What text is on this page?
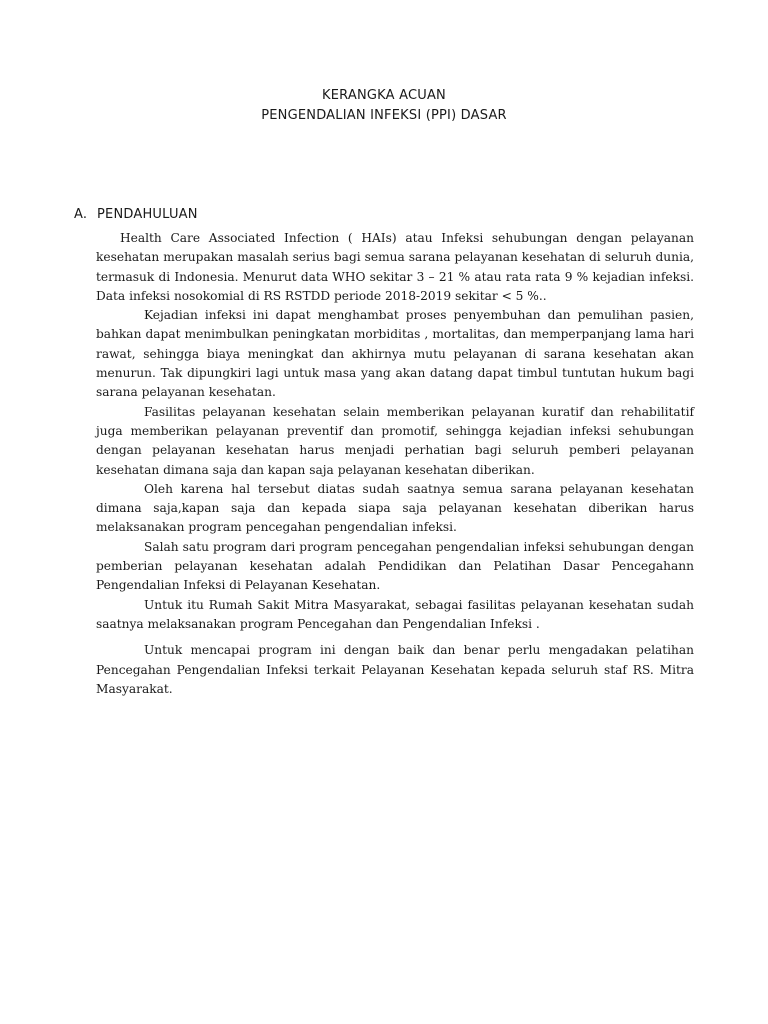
KERANGKA ACUAN
PENGENDALIAN INFEKSI (PPI) DASAR
A. PENDAHULUAN

Health Care Associated Infection ( HAIs) atau Infeksi sehubungan dengan pelayanan kesehatan merupakan masalah serius bagi semua sarana pelayanan kesehatan di seluruh dunia, termasuk di Indonesia. Menurut data WHO sekitar 3 – 21 % atau rata rata 9 % kejadian infeksi. Data infeksi nosokomial di RS RSTDD periode 2018-2019 sekitar < 5 %..

Kejadian infeksi ini dapat menghambat proses penyembuhan dan pemulihan pasien, bahkan dapat menimbulkan peningkatan morbiditas , mortalitas, dan memperpanjang lama hari rawat, sehingga biaya meningkat dan akhirnya mutu pelayanan di sarana kesehatan akan menurun. Tak dipungkiri lagi untuk masa yang akan datang dapat timbul tuntutan hukum bagi sarana pelayanan kesehatan.

Fasilitas pelayanan kesehatan selain memberikan pelayanan kuratif dan rehabilitatif juga memberikan pelayanan preventif dan promotif, sehingga kejadian infeksi sehubungan dengan pelayanan kesehatan harus menjadi perhatian bagi seluruh pemberi pelayanan kesehatan dimana saja dan kapan saja pelayanan kesehatan diberikan.

Oleh karena hal tersebut diatas sudah saatnya semua sarana pelayanan kesehatan dimana saja,kapan saja dan kepada siapa saja pelayanan kesehatan diberikan harus melaksanakan program pencegahan pengendalian infeksi.

Salah satu program dari program pencegahan pengendalian infeksi sehubungan dengan pemberian pelayanan kesehatan adalah Pendidikan dan Pelatihan Dasar Pencegahann Pengendalian Infeksi di Pelayanan Kesehatan.

Untuk itu Rumah Sakit Mitra Masyarakat, sebagai fasilitas pelayanan kesehatan sudah saatnya melaksanakan program Pencegahan dan Pengendalian Infeksi .

Untuk mencapai program ini dengan baik dan benar perlu mengadakan pelatihan Pencegahan Pengendalian Infeksi terkait Pelayanan Kesehatan kepada seluruh staf RS. Mitra Masyarakat.
